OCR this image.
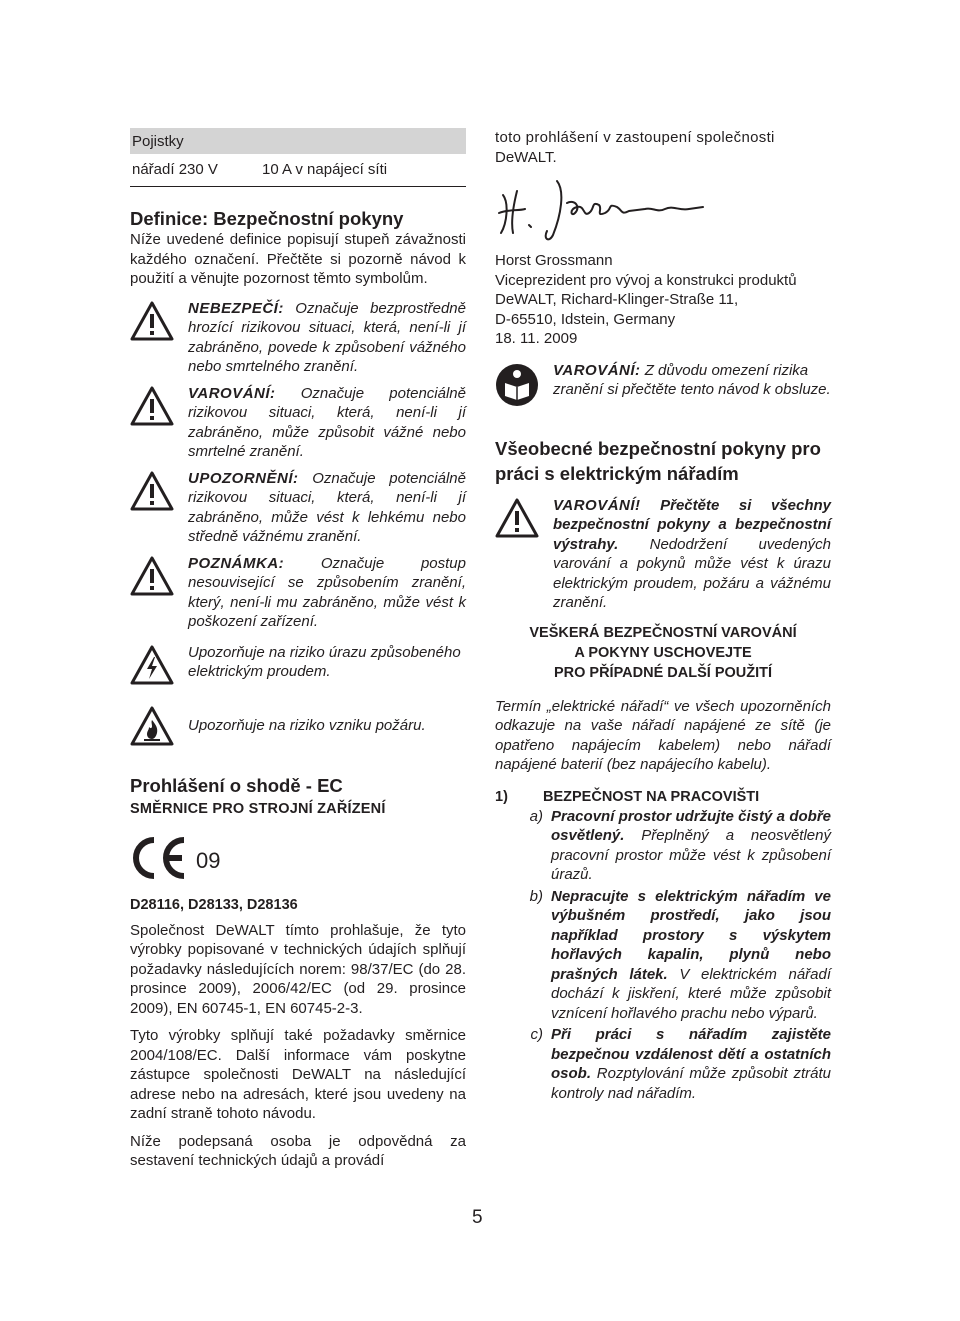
Pojistky
nářadí 230 V	10 A v napájecí síti
Definice: Bezpečnostní pokyny

Níže uvedené definice popisují stupeň závažnosti každého označení. Přečtěte si pozorně návod k použití a věnujte pozornost těmto symbolům.

NEBEZPEČÍ: Označuje bezprostředně hrozící rizikovou situaci, která, není-li jí zabráněno, povede k způsobení vážného nebo smrtelného zranění.

VAROVÁNÍ: Označuje potenciálně rizikovou situaci, která, není-li jí zabráněno, může způsobit vážné nebo smrtelné zranění.

UPOZORNĚNÍ: Označuje potenciálně rizikovou situaci, která, není-li jí zabráněno, může vést k lehkému nebo středně vážnému zranění.

POZNÁMKA: Označuje postup nesouvisející se způsobením zranění, který, není-li mu zabráněno, může vést k poškození zařízení.

Upozorňuje na riziko úrazu způsobeného elektrickým proudem.

Upozorňuje na riziko vzniku požáru.

Prohlášení o shodě - EC
SMĚRNICE PRO STROJNÍ ZAŘÍZENÍ
09
D28116, D28133, D28136

Společnost DeWALT tímto prohlašuje, že tyto výrobky popisované v technických údajích splňují požadavky následujících norem: 98/37/EC (do 28. prosince 2009), 2006/42/EC (od 29. prosince 2009), EN 60745-1, EN 60745-2-3.

Tyto výrobky splňují také požadavky směrnice 2004/108/EC. Další informace vám poskytne zástupce společnosti DeWALT na následující adrese nebo na adresách, které jsou uvedeny na zadní straně tohoto návodu.

Níže podepsaná osoba je odpovědná za sestavení technických údajů a provádí

toto prohlášení v zastoupení společnosti

DeWALT.

Horst Grossmann

Viceprezident pro vývoj a konstrukci produktů

DeWALT, Richard-Klinger-Straße 11,

D-65510, Idstein, Germany

18. 11. 2009

VAROVÁNÍ: Z důvodu omezení rizika zranění si přečtěte tento návod k obsluze.

Všeobecné bezpečnostní pokyny pro práci s elektrickým nářadím

VAROVÁNÍ! Přečtěte si všechny bezpečnostní pokyny a bezpečnostní výstrahy. Nedodržení uvedených varování a pokynů může vést k úrazu elektrickým proudem, požáru a vážnému zranění.

VEŠKERÁ BEZPEČNOSTNÍ VAROVÁNÍ
A POKYNY USCHOVEJTE
PRO PŘÍPADNÉ DALŠÍ POUŽITÍ

Termín „elektrické nářadí“ ve všech upozorněních odkazuje na vaše nářadí napájené ze sítě (je opatřeno napájecím kabelem) nebo nářadí napájené baterií (bez napájecího kabelu).

1)	BEZPEČNOST NA PRACOVIŠTI
a) Pracovní prostor udržujte čistý a dobře osvětlený. Přeplněný a neosvětlený pracovní prostor může vést k způsobení úrazů.

b) Nepracujte s elektrickým nářadím ve výbušném prostředí, jako jsou například prostory s výskytem hořlavých kapalin, plynů nebo prašných látek. V elektrickém nářadí dochází k jiskření, které může způsobit vznícení hořlavého prachu nebo výparů.

c) Při práci s nářadím zajistěte bezpečnou vzdálenost dětí a ostatních osob. Rozptylování může způsobit ztrátu kontroly nad nářadím.

5
